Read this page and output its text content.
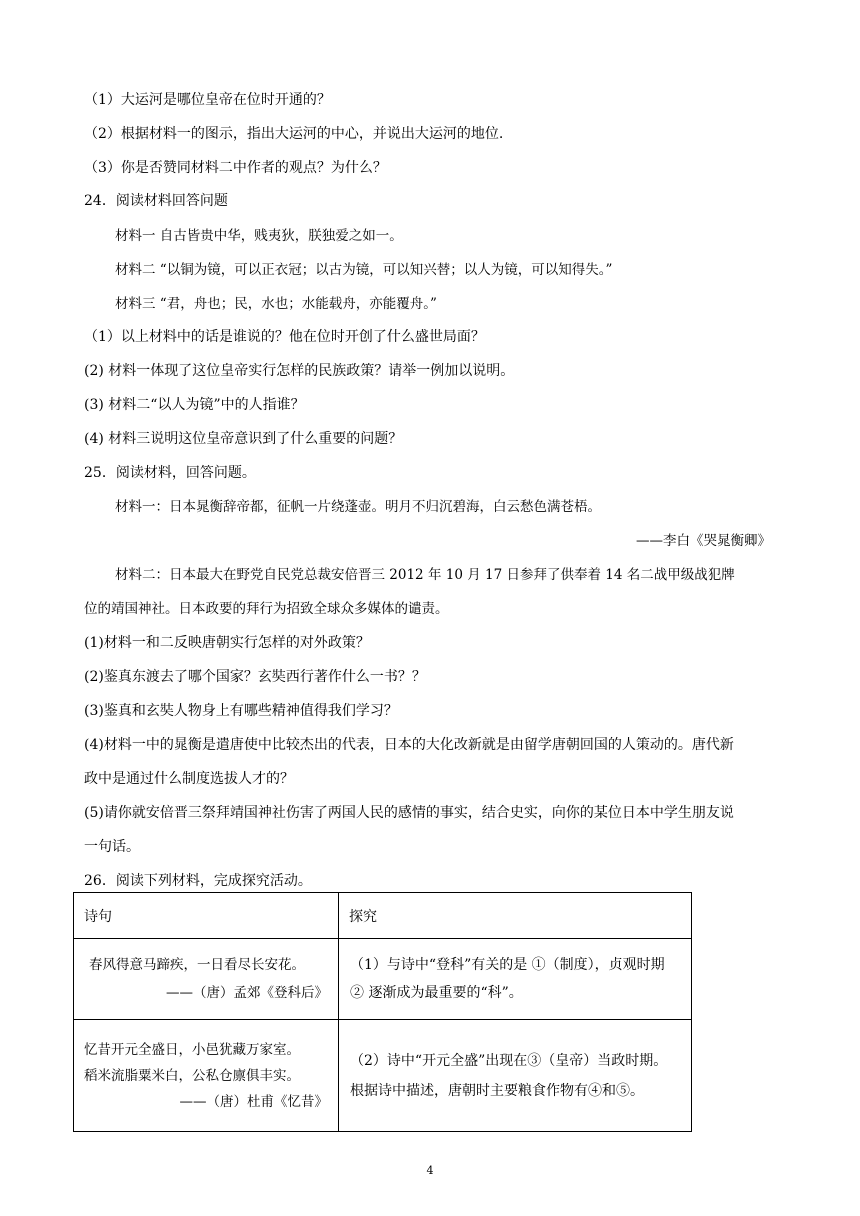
（1）大运河是哪位皇帝在位时开通的？
（2）根据材料一的图示，指出大运河的中心，并说出大运河的地位.
（3）你是否赞同材料二中作者的观点？为什么？
24．阅读材料回答问题
材料一 自古皆贵中华，贱夷狄，朕独爱之如一。
材料二 “以铜为镜，可以正衣冠；以古为镜，可以知兴替；以人为镜，可以知得失。”
材料三 “君，舟也；民，水也；水能载舟，亦能覆舟。”
（1）以上材料中的话是谁说的？他在位时开创了什么盛世局面？
(2) 材料一体现了这位皇帝实行怎样的民族政策？请举一例加以说明。
(3) 材料二“以人为镜”中的人指谁？
(4) 材料三说明这位皇帝意识到了什么重要的问题？
25．阅读材料，回答问题。
材料一：日本晁衡辞帝都，征帆一片绕蓬壶。明月不归沉碧海，白云愁色满苍梧。
——李白《哭晁衡卿》
材料二：日本最大在野党自民党总裁安倍晋三 2012 年 10 月 17 日参拜了供奉着 14 名二战甲级战犯牌
位的靖国神社。日本政要的拜行为招致全球众多媒体的谴责。
(1)材料一和二反映唐朝实行怎样的对外政策？
(2)鉴真东渡去了哪个国家？玄奘西行著作什么一书？？
(3)鉴真和玄奘人物身上有哪些精神值得我们学习？
(4)材料一中的晁衡是遣唐使中比较杰出的代表，日本的大化改新就是由留学唐朝回国的人策动的。唐代新
政中是通过什么制度选拔人才的？
(5)请你就安倍晋三祭拜靖国神社伤害了两国人民的感情的事实，结合史实，向你的某位日本中学生朋友说
一句话。
26．阅读下列材料，完成探究活动。
诗句	探究

春风得意马蹄疾，一日看尽长安花。
——（唐）孟郊《登科后》	（1）与诗中“登科”有关的是 ①（制度），贞观时期
② 逐渐成为最重要的“科”。

忆昔开元全盛日，小邑犹藏万家室。
稻米流脂粟米白，公私仓廪俱丰实。
——（唐）杜甫《忆昔》	（2）诗中“开元全盛”出现在③（皇帝）当政时期。
根据诗中描述，唐朝时主要粮食作物有④和⑤。
4
